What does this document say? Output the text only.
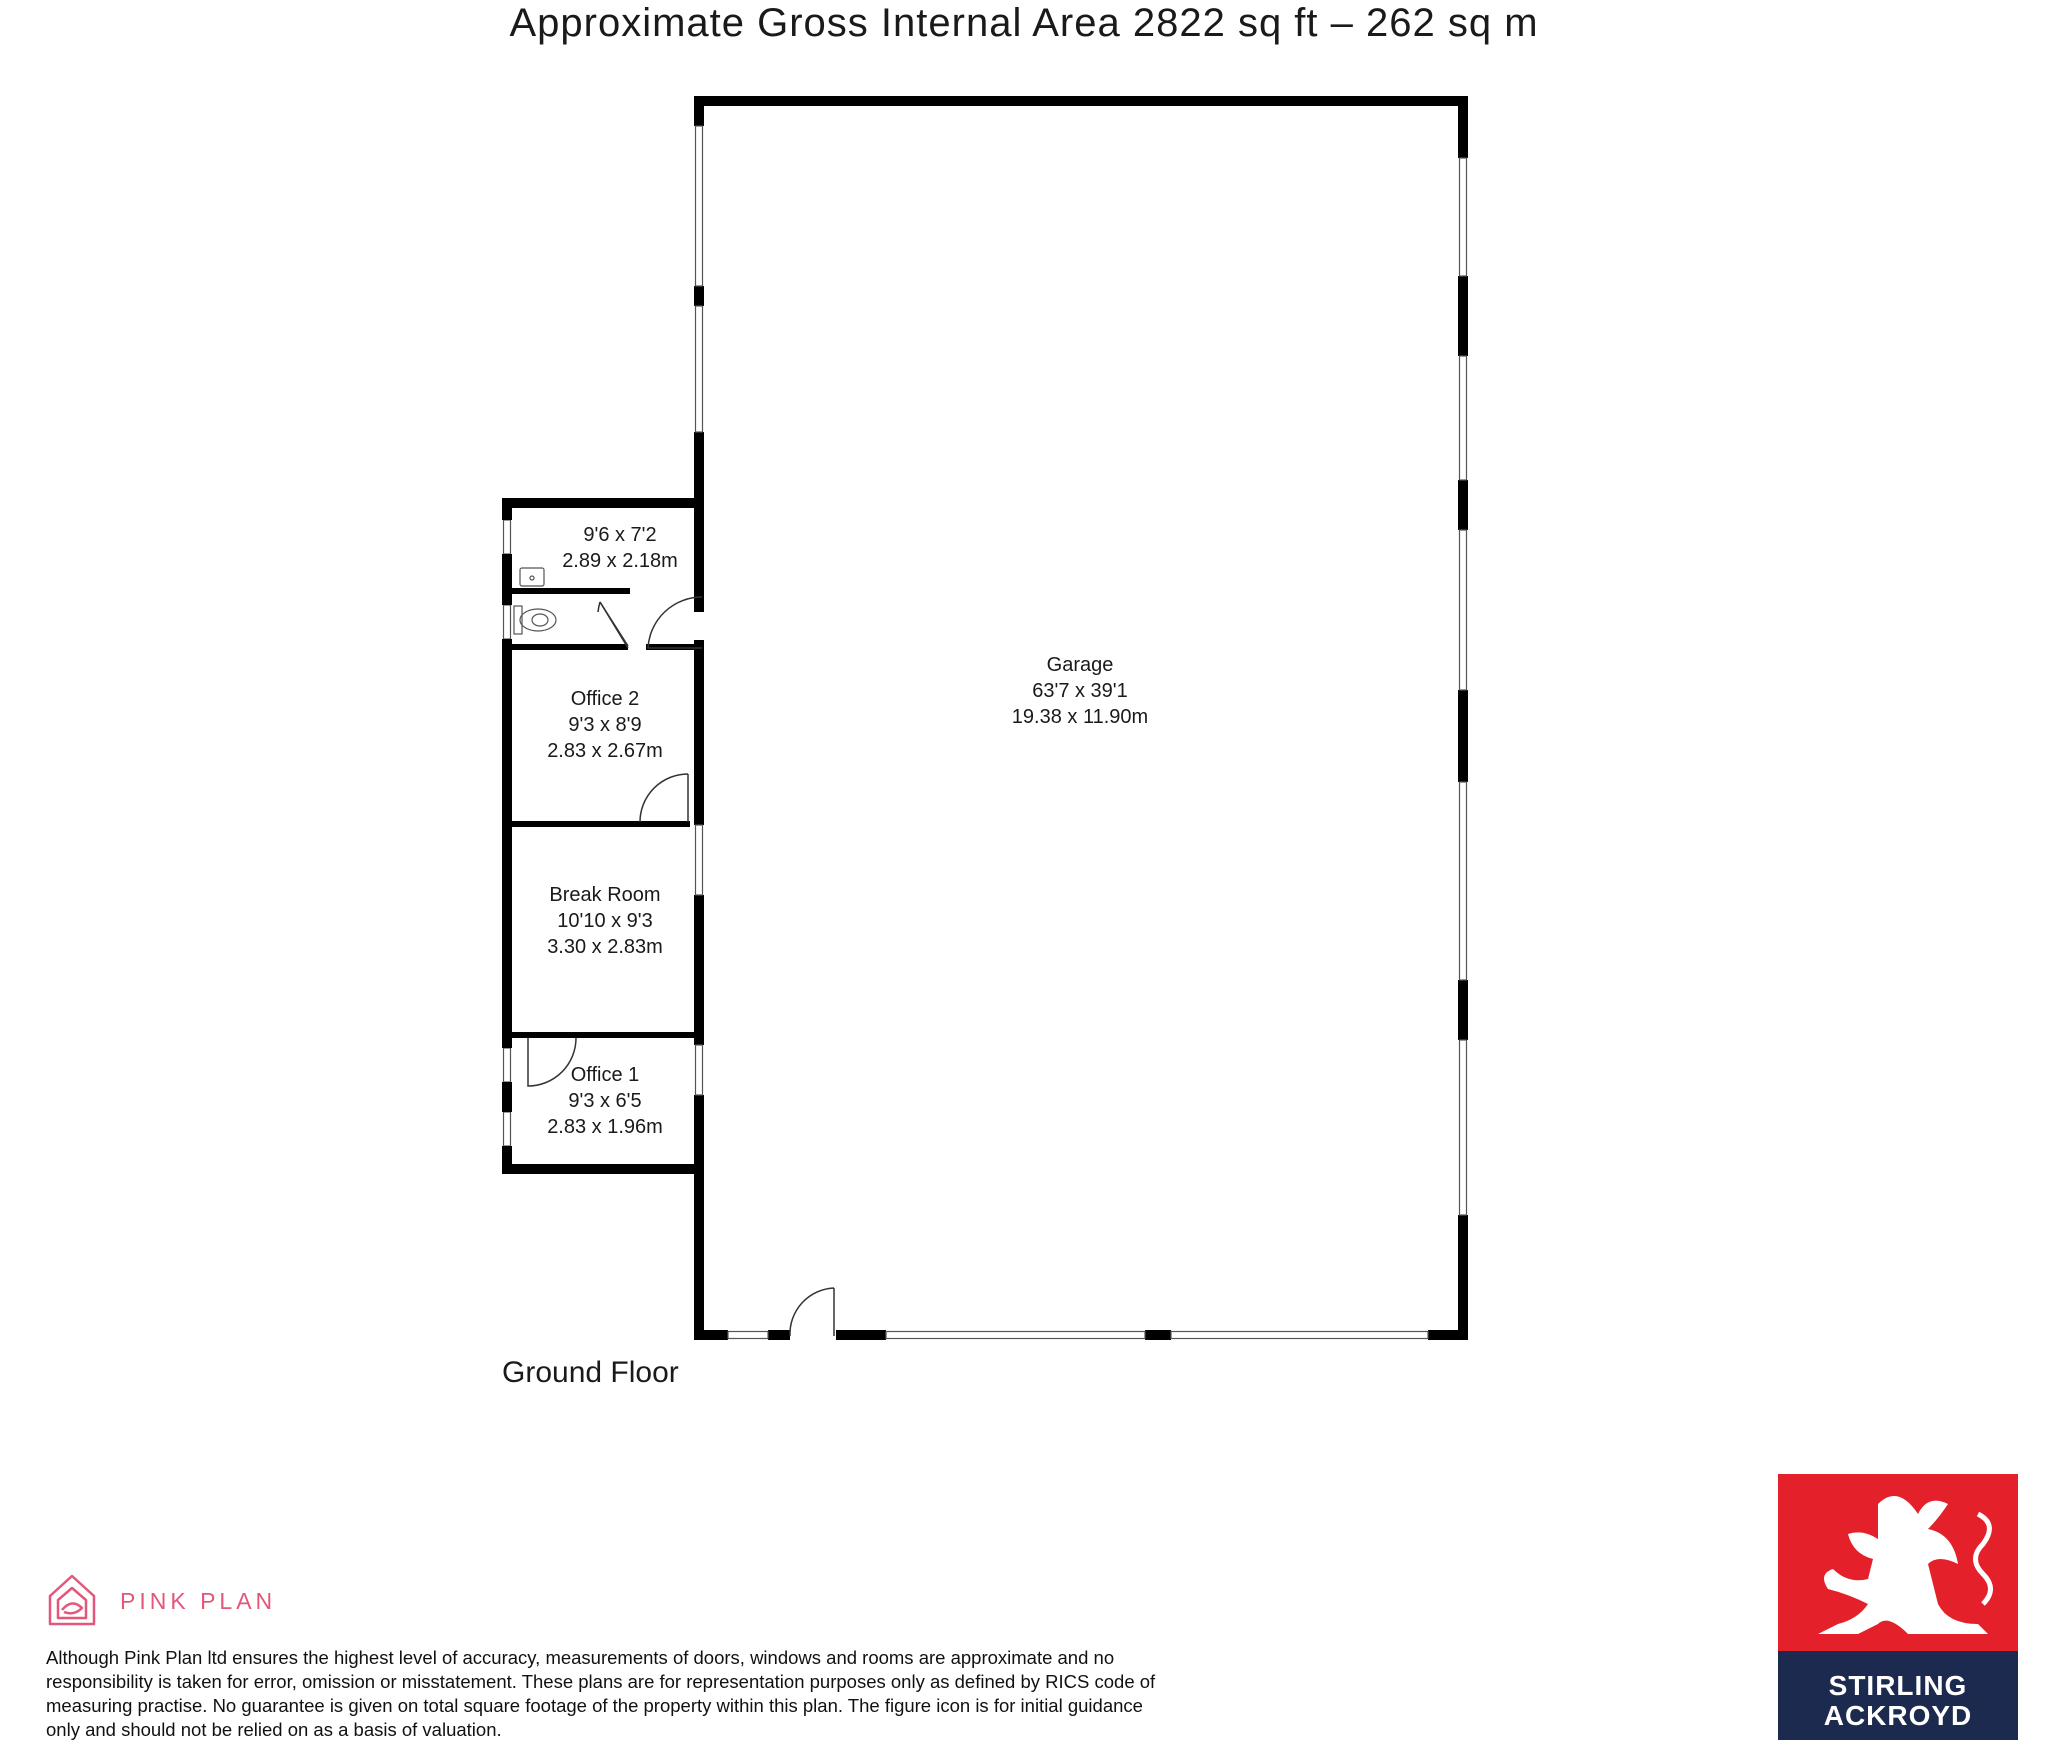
Approximate Gross Internal Area 2822 sq ft – 262 sq m
9'6 x 7'2
2.89 x 2.18m
Office 2
9'3 x 8'9
2.83 x 2.67m
Break Room
10'10 x 9'3
3.30 x 2.83m
Office 1
9'3 x 6'5
2.83 x 1.96m
Garage
63'7 x 39'1
19.38 x 11.90m
Ground Floor
PINK PLAN
Although Pink Plan ltd ensures the highest level of accuracy, measurements of doors, windows and rooms are approximate and no responsibility is taken for error, omission or misstatement. These plans are for representation purposes only as defined by RICS code of measuring practise. No guarantee is given on total square footage of the property within this plan. The figure icon is for initial guidance only and should not be relied on as a basis of valuation.
STIRLING
ACKROYD
